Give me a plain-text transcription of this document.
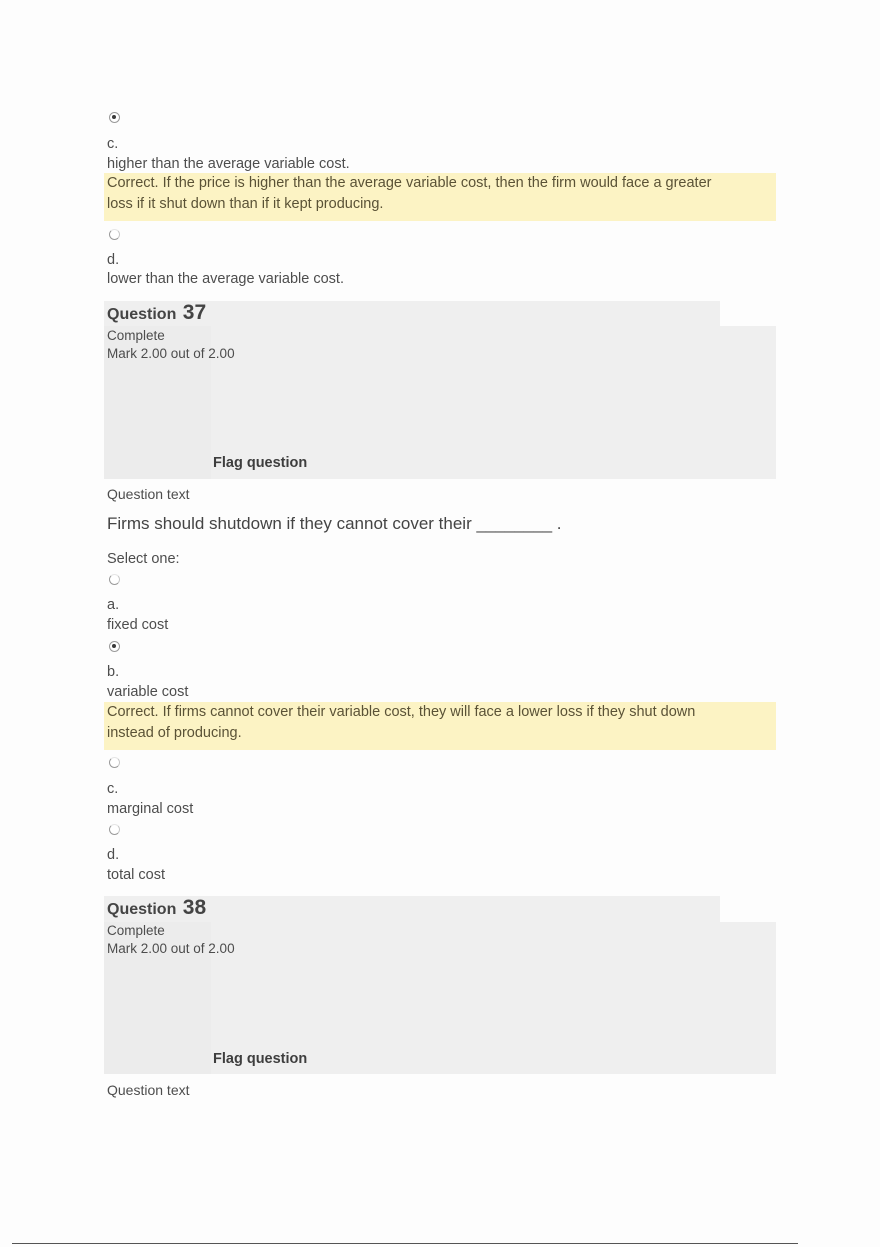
c.
higher than the average variable cost.
Correct. If the price is higher than the average variable cost, then the firm would face a greater
loss if it shut down than if it kept producing.
d.
lower than the average variable cost.
Question 37
Complete
Mark 2.00 out of 2.00
Flag question
Question text
Firms should shutdown if they cannot cover their ________ .
Select one:
a.
fixed cost
b.
variable cost
Correct. If firms cannot cover their variable cost, they will face a lower loss if they shut down
instead of producing.
c.
marginal cost
d.
total cost
Question 38
Complete
Mark 2.00 out of 2.00
Flag question
Question text
